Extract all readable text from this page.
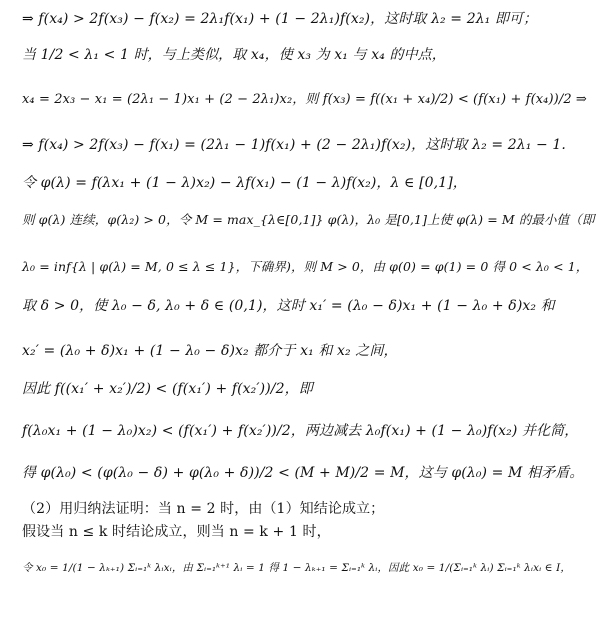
⇒ f(x₄) > 2f(x₃) − f(x₂) = 2λ₁f(x₁) + (1 − 2λ₁)f(x₂)，这时取 λ₂ = 2λ₁ 即可；
当 1/2 < λ₁ < 1 时，与上类似，取 x₄，使 x₃ 为 x₁ 与 x₄ 的中点，
x₄ = 2x₃ − x₁ = (2λ₁ − 1)x₁ + (2 − 2λ₁)x₂，则 f(x₃) = f((x₁ + x₄)/2) < (f(x₁) + f(x₄))/2 ⇒
⇒ f(x₄) > 2f(x₃) − f(x₁) = (2λ₁ − 1)f(x₁) + (2 − 2λ₁)f(x₂)，这时取 λ₂ = 2λ₁ − 1.
令 φ(λ) = f(λx₁ + (1 − λ)x₂) − λf(x₁) − (1 − λ)f(x₂)，λ ∈ [0,1]，
则 φ(λ) 连续，φ(λ₂) > 0，令 M = max_{λ∈[0,1]} φ(λ)，λ₀ 是[0,1]上使 φ(λ) = M 的最小值（即
λ₀ = inf{λ | φ(λ) = M, 0 ≤ λ ≤ 1}，下确界)，则 M > 0，由 φ(0) = φ(1) = 0 得 0 < λ₀ < 1，
取 δ > 0，使 λ₀ − δ, λ₀ + δ ∈ (0,1)，这时 x₁′ = (λ₀ − δ)x₁ + (1 − λ₀ + δ)x₂ 和
x₂′ = (λ₀ + δ)x₁ + (1 − λ₀ − δ)x₂ 都介于 x₁ 和 x₂ 之间，
因此 f((x₁′ + x₂′)/2) < (f(x₁′) + f(x₂′))/2，即
f(λ₀x₁ + (1 − λ₀)x₂) < (f(x₁′) + f(x₂′))/2，两边减去 λ₀f(x₁) + (1 − λ₀)f(x₂) 并化简，
得 φ(λ₀) < (φ(λ₀ − δ) + φ(λ₀ + δ))/2 < (M + M)/2 = M，这与 φ(λ₀) = M 相矛盾。
（2）用归纳法证明：当 n = 2 时，由（1）知结论成立；
假设当 n ≤ k 时结论成立，则当 n = k + 1 时，
令 x₀ = 1/(1 − λₖ₊₁) Σᵢ₌₁ᵏ λᵢxᵢ，由 Σᵢ₌₁ᵏ⁺¹ λᵢ = 1 得 1 − λₖ₊₁ = Σᵢ₌₁ᵏ λᵢ，因此 x₀ = 1/(Σᵢ₌₁ᵏ λᵢ) Σᵢ₌₁ᵏ λᵢxᵢ ∈ I，
